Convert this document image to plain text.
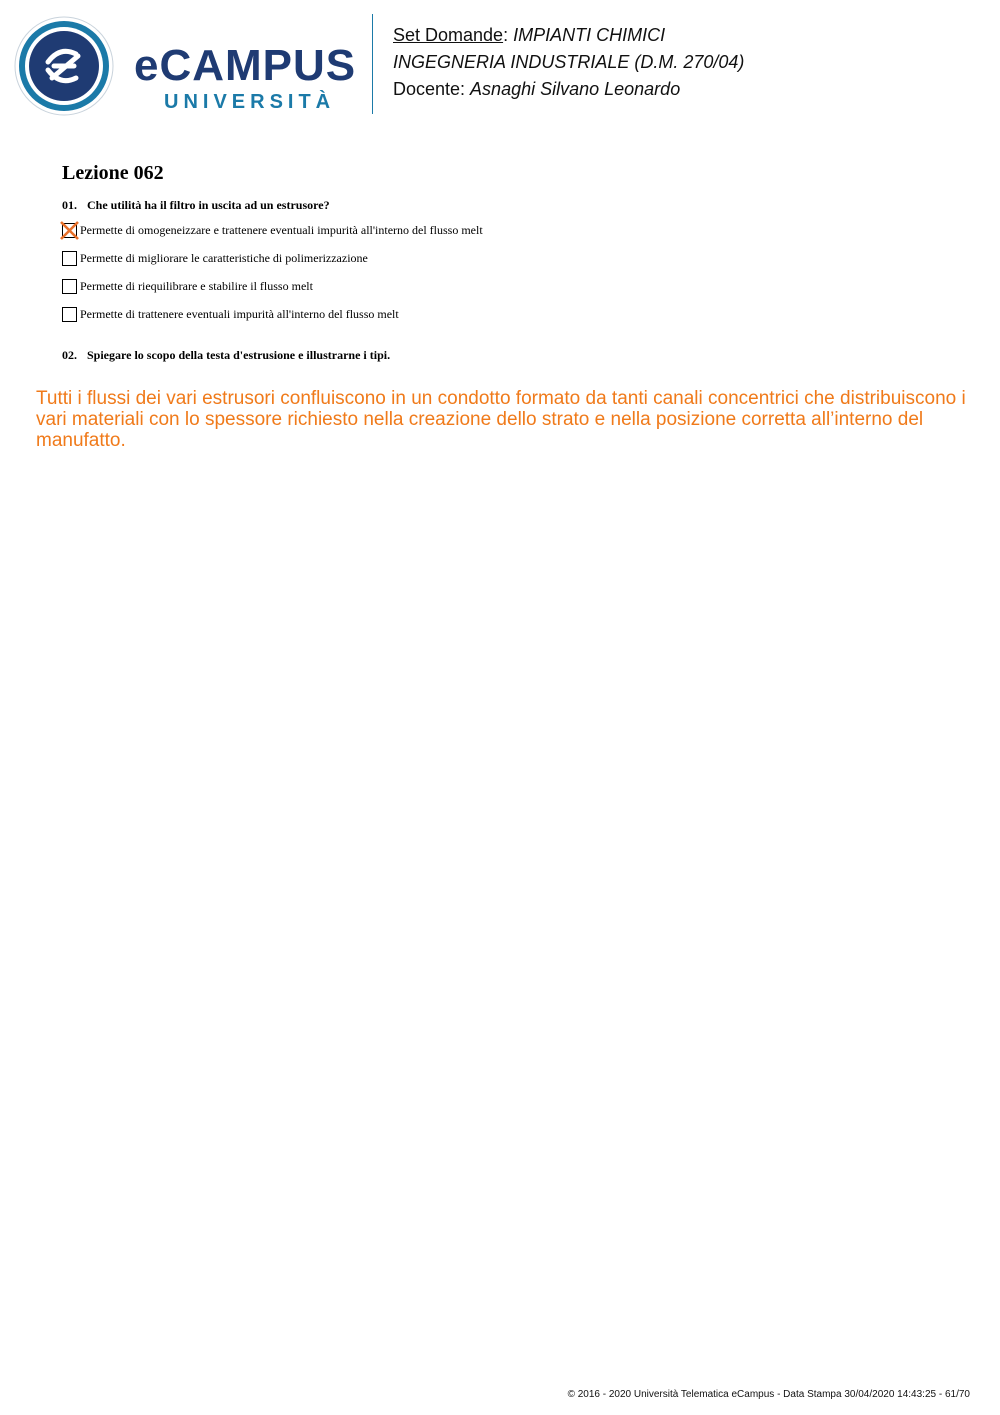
eCAMPUS
UNIVERSITÀ
Set Domande: IMPIANTI CHIMICI
INGEGNERIA INDUSTRIALE (D.M. 270/04)
Docente: Asnaghi Silvano Leonardo
Lezione 062
01. Che utilità ha il filtro in uscita ad un estrusore?
Permette di omogeneizzare e trattenere eventuali impurità all'interno del flusso melt
Permette di migliorare le caratteristiche di polimerizzazione
Permette di riequilibrare e stabilire il flusso melt
Permette di trattenere eventuali impurità all'interno del flusso melt
02. Spiegare lo scopo della testa d'estrusione e illustrarne i tipi.
Tutti i flussi dei vari estrusori confluiscono in un condotto formato da tanti canali concentrici che distribuiscono i vari materiali con lo spessore richiesto nella creazione dello strato e nella posizione corretta all’interno del manufatto.
© 2016 - 2020 Università Telematica eCampus - Data Stampa 30/04/2020 14:43:25 - 61/70
